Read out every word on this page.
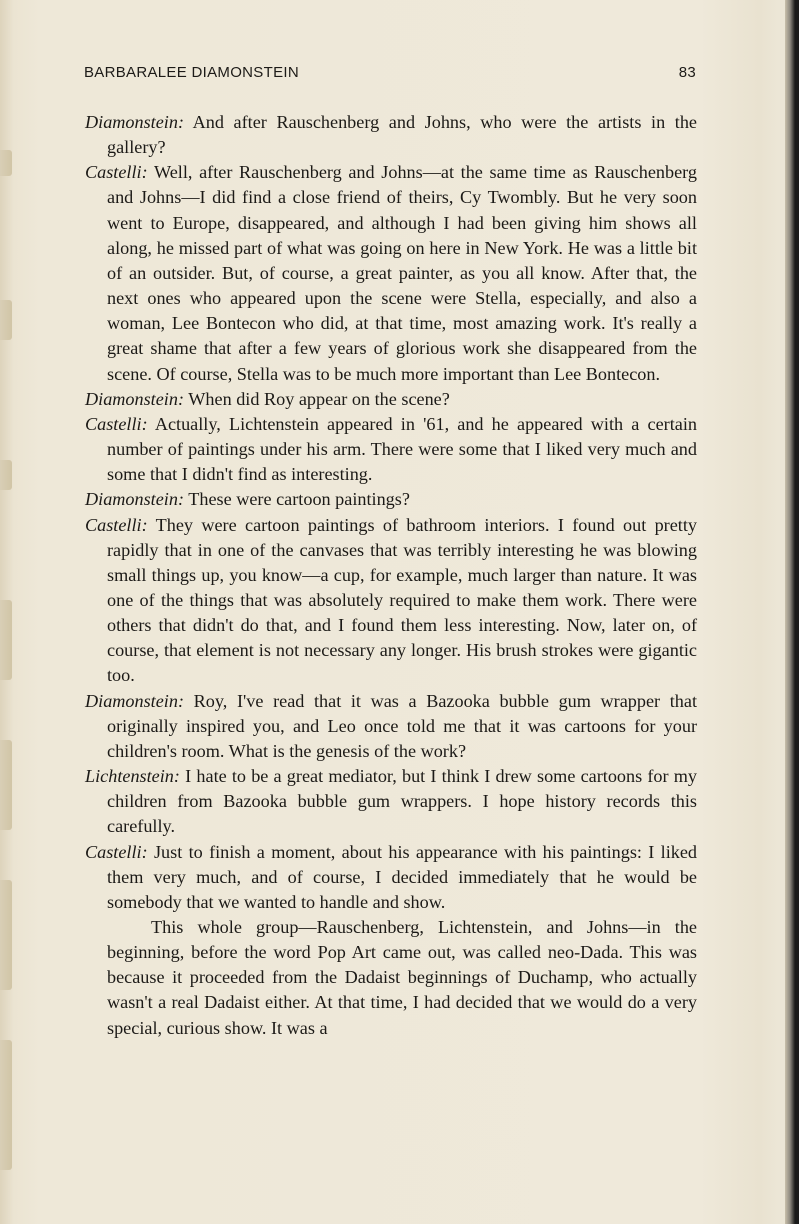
BARBARALEE DIAMONSTEIN	83

Diamonstein: And after Rauschenberg and Johns, who were the artists in the gallery?

Castelli: Well, after Rauschenberg and Johns—at the same time as Rauschenberg and Johns—I did find a close friend of theirs, Cy Twombly. But he very soon went to Europe, disappeared, and although I had been giving him shows all along, he missed part of what was going on here in New York. He was a little bit of an outsider. But, of course, a great painter, as you all know. After that, the next ones who appeared upon the scene were Stella, especially, and also a woman, Lee Bontecon who did, at that time, most amazing work. It's really a great shame that after a few years of glorious work she disappeared from the scene. Of course, Stella was to be much more important than Lee Bontecon.

Diamonstein: When did Roy appear on the scene?

Castelli: Actually, Lichtenstein appeared in '61, and he appeared with a certain number of paintings under his arm. There were some that I liked very much and some that I didn't find as interesting.

Diamonstein: These were cartoon paintings?

Castelli: They were cartoon paintings of bathroom interiors. I found out pretty rapidly that in one of the canvases that was terribly interesting he was blowing small things up, you know—a cup, for example, much larger than nature. It was one of the things that was absolutely required to make them work. There were others that didn't do that, and I found them less interesting. Now, later on, of course, that element is not necessary any longer. His brush strokes were gigantic too.

Diamonstein: Roy, I've read that it was a Bazooka bubble gum wrapper that originally inspired you, and Leo once told me that it was cartoons for your children's room. What is the genesis of the work?

Lichtenstein: I hate to be a great mediator, but I think I drew some cartoons for my children from Bazooka bubble gum wrappers. I hope history records this carefully.

Castelli: Just to finish a moment, about his appearance with his paintings: I liked them very much, and of course, I decided immediately that he would be somebody that we wanted to handle and show.

This whole group—Rauschenberg, Lichtenstein, and Johns—in the beginning, before the word Pop Art came out, was called neo-Dada. This was because it proceeded from the Dadaist beginnings of Duchamp, who actually wasn't a real Dadaist either. At that time, I had decided that we would do a very special, curious show. It was a
